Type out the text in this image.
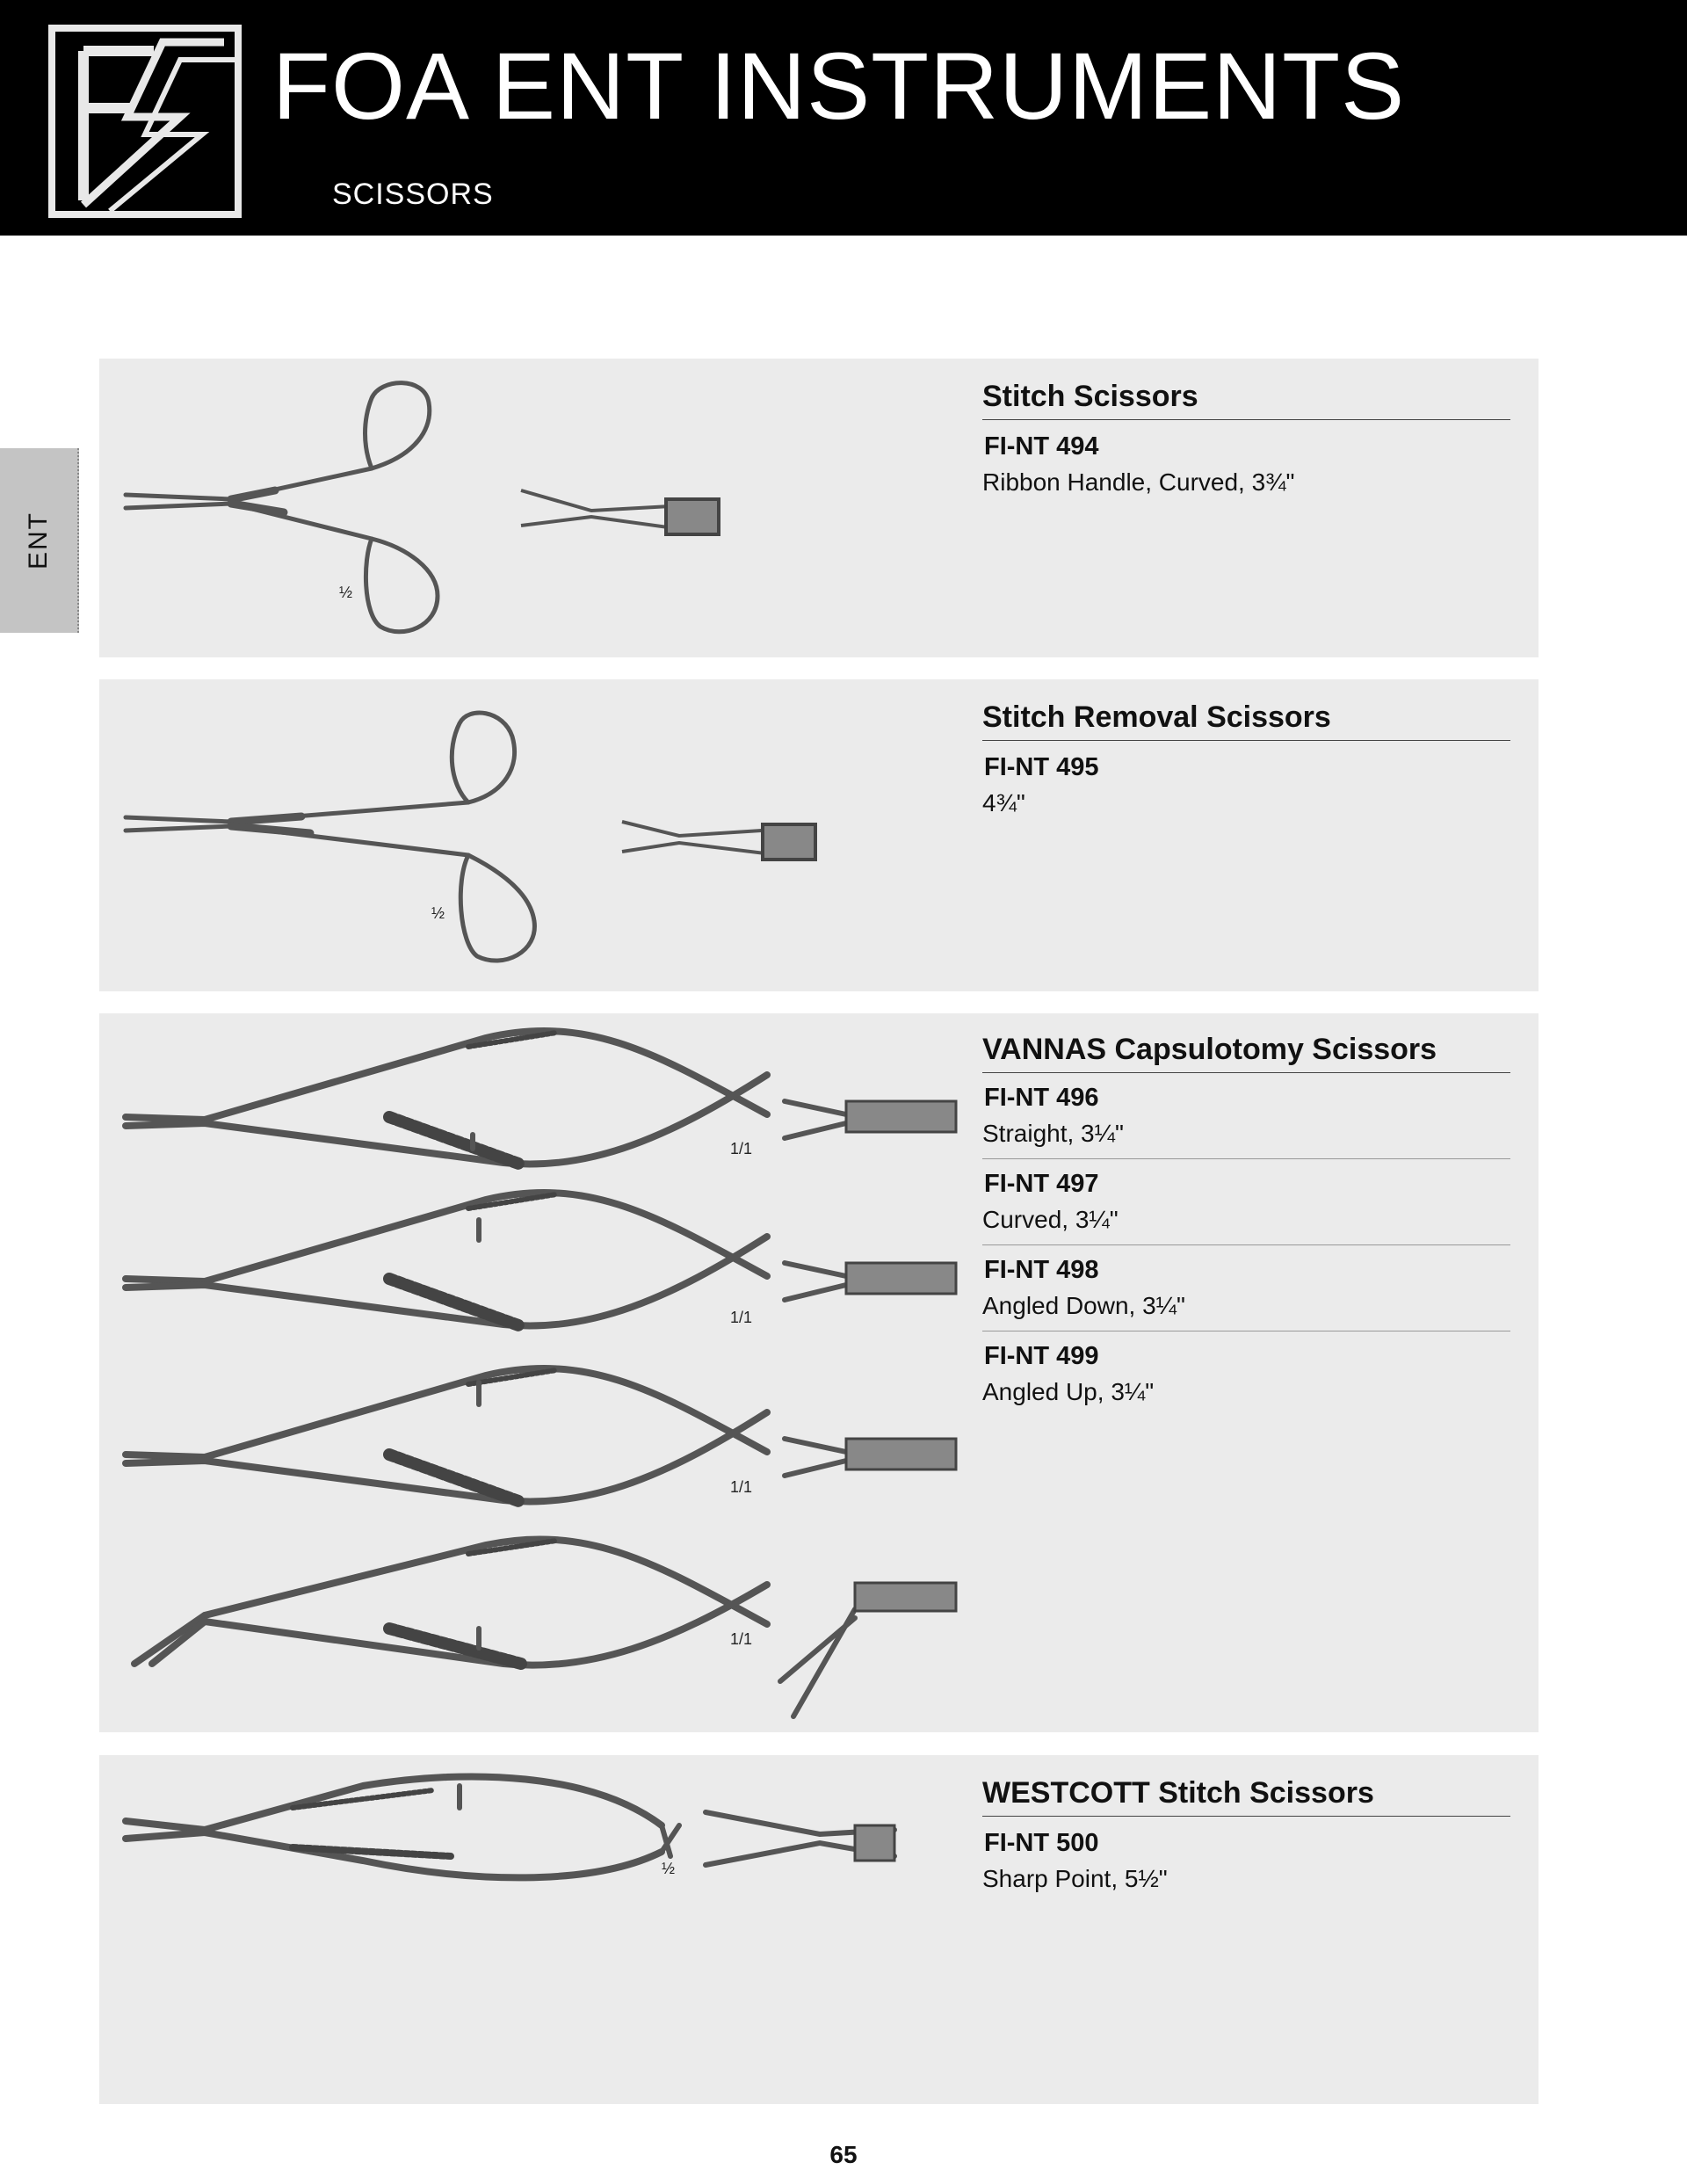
FOA ENT INSTRUMENTS
SCISSORS
ENT
½
Stitch Scissors
FI-NT 494
Ribbon Handle, Curved, 3¾"
½
Stitch Removal Scissors
FI-NT 495
4¾"
1/1
1/1
1/1
1/1
VANNAS Capsulotomy Scissors
FI-NT 496
Straight, 3¼"
FI-NT 497
Curved, 3¼"
FI-NT 498
Angled Down, 3¼"
FI-NT 499
Angled Up, 3¼"
½
WESTCOTT Stitch Scissors
FI-NT 500
Sharp Point, 5½"
65
